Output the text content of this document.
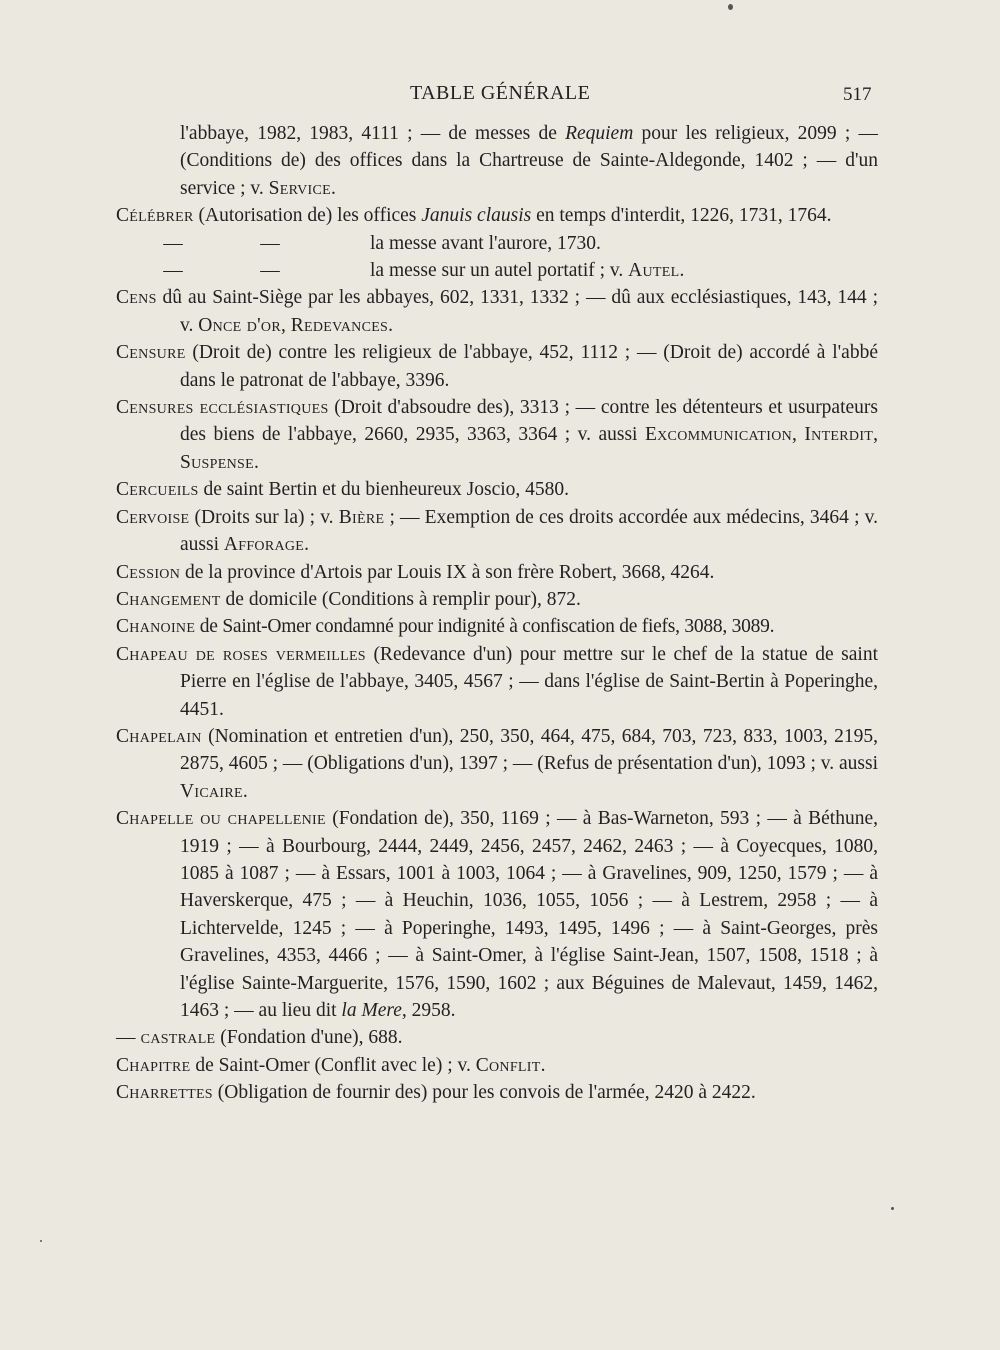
TABLE GÉNÉRALE	517

l'abbaye, 1982, 1983, 4111 ; — de messes de Requiem pour les religieux, 2099 ; — (Conditions de) des offices dans la Chartreuse de Sainte-Aldegonde, 1402 ; — d'un service ; v. Service.

Célébrer (Autorisation de) les offices Januis clausis en temps d'interdit, 1226, 1731, 1764.

—	—	la messe avant l'aurore, 1730.

—	—	la messe sur un autel portatif ; v. Autel.

Cens dû au Saint-Siège par les abbayes, 602, 1331, 1332 ; — dû aux ecclésiastiques, 143, 144 ; v. Once d'or, Redevances.

Censure (Droit de) contre les religieux de l'abbaye, 452, 1112 ; — (Droit de) accordé à l'abbé dans le patronat de l'abbaye, 3396.

Censures ecclésiastiques (Droit d'absoudre des), 3313 ; — contre les détenteurs et usurpateurs des biens de l'abbaye, 2660, 2935, 3363, 3364 ; v. aussi Excommunication, Interdit, Suspense.

Cercueils de saint Bertin et du bienheureux Joscio, 4580.

Cervoise (Droits sur la) ; v. Bière ; — Exemption de ces droits accordée aux médecins, 3464 ; v. aussi Afforage.

Cession de la province d'Artois par Louis IX à son frère Robert, 3668, 4264.

Changement de domicile (Conditions à remplir pour), 872.

Chanoine de Saint-Omer condamné pour indignité à confiscation de fiefs, 3088, 3089.

Chapeau de roses vermeilles (Redevance d'un) pour mettre sur le chef de la statue de saint Pierre en l'église de l'abbaye, 3405, 4567 ; — dans l'église de Saint-Bertin à Poperinghe, 4451.

Chapelain (Nomination et entretien d'un), 250, 350, 464, 475, 684, 703, 723, 833, 1003, 2195, 2875, 4605 ; — (Obligations d'un), 1397 ; — (Refus de présentation d'un), 1093 ; v. aussi Vicaire.

Chapelle ou chapellenie (Fondation de), 350, 1169 ; — à Bas-Warneton, 593 ; — à Béthune, 1919 ; — à Bourbourg, 2444, 2449, 2456, 2457, 2462, 2463 ; — à Coyecques, 1080, 1085 à 1087 ; — à Essars, 1001 à 1003, 1064 ; — à Gravelines, 909, 1250, 1579 ; — à Haverskerque, 475 ; — à Heuchin, 1036, 1055, 1056 ; — à Lestrem, 2958 ; — à Lichtervelde, 1245 ; — à Poperinghe, 1493, 1495, 1496 ; — à Saint-Georges, près Gravelines, 4353, 4466 ; — à Saint-Omer, à l'église Saint-Jean, 1507, 1508, 1518 ; à l'église Sainte-Marguerite, 1576, 1590, 1602 ; aux Béguines de Malevaut, 1459, 1462, 1463 ; — au lieu dit la Mere, 2958.

— castrale (Fondation d'une), 688.

Chapitre de Saint-Omer (Conflit avec le) ; v. Conflit.

Charrettes (Obligation de fournir des) pour les convois de l'armée, 2420 à 2422.
